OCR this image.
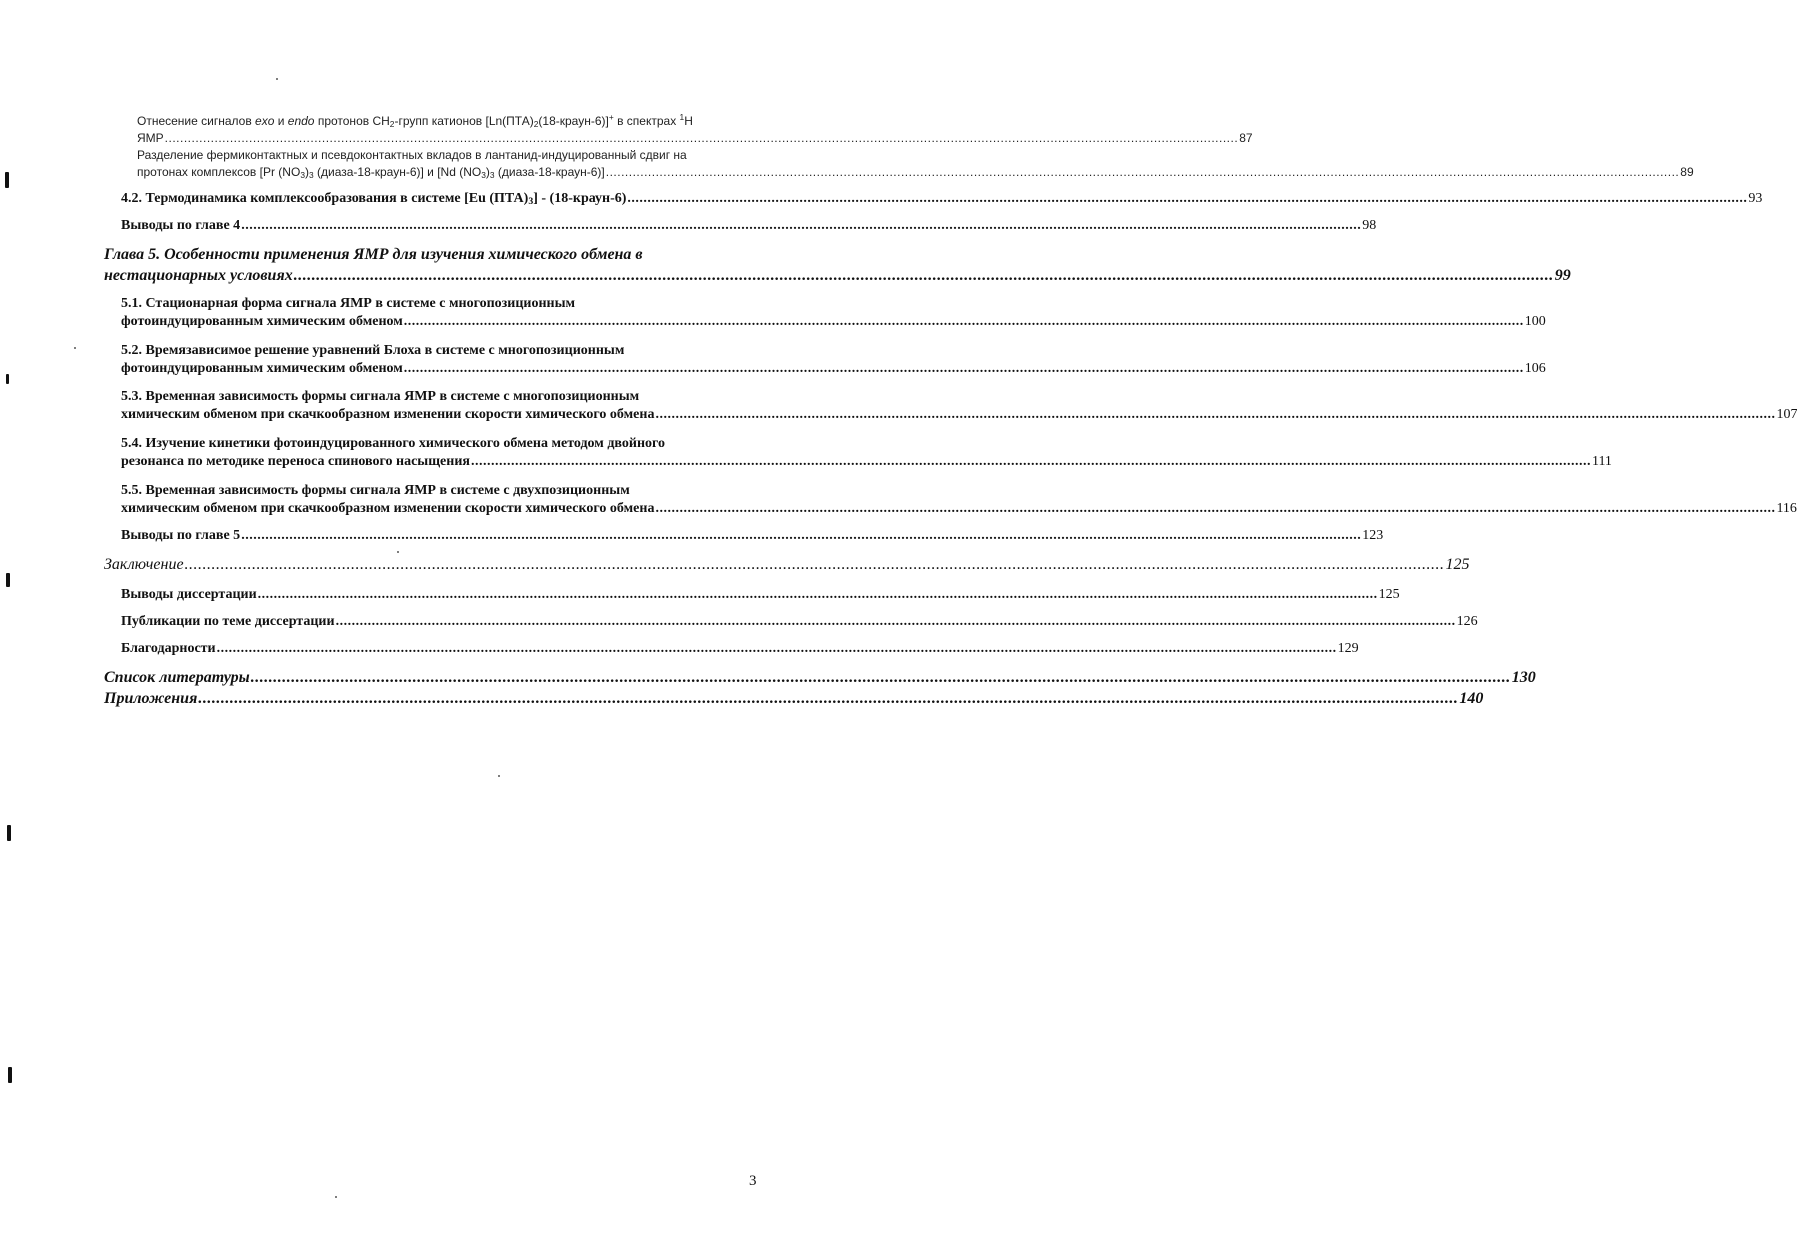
Отнесение сигналов exo и endo протонов $СН_2$-групп катионов $[Ln(ПТА)_2(18-краун-6)]^+$ в спектрах $^1$Н
ЯМР .....	87
Разделение фермиконтактных и псевдоконтактных вкладов в лантанид-индуцированный сдвиг на
протонах комплексов [Pr $(NO_3)_3$ (диаза-18-краун-6)] и [Nd $(NO_3)_3$ (диаза-18-краун-6)] .....	89
4.2. Термодинамика комплексообразования в системе [Eu $(ПТА)_3$] - (18-краун-6) .....	93
Выводы по главе 4 .....	98
Глава 5. Особенности применения ЯМР для изучения химического обмена в
нестационарных условиях .....	99
5.1. Стационарная форма сигнала ЯМР в системе с многопозиционным
фотоиндуцированным химическим обменом .....	100
5.2. Времязависимое решение уравнений Блоха в системе с многопозиционным
фотоиндуцированным химическим обменом .....	106
5.3. Временная зависимость формы сигнала ЯМР в системе с многопозиционным
химическим обменом при скачкообразном изменении скорости химического обмена .....	107
5.4. Изучение кинетики фотоиндуцированного химического обмена методом двойного
резонанса по методике переноса спинового насыщения .....	111
5.5. Временная зависимость формы сигнала ЯМР в системе с двухпозиционным
химическим обменом при скачкообразном изменении скорости химического обмена .....	116
Выводы по главе 5 .....	123
Заключение .....	125
Выводы диссертации .....	125
Публикации по теме диссертации .....	126
Благодарности .....	129
Список литературы .....	130
Приложения .....	140
3
